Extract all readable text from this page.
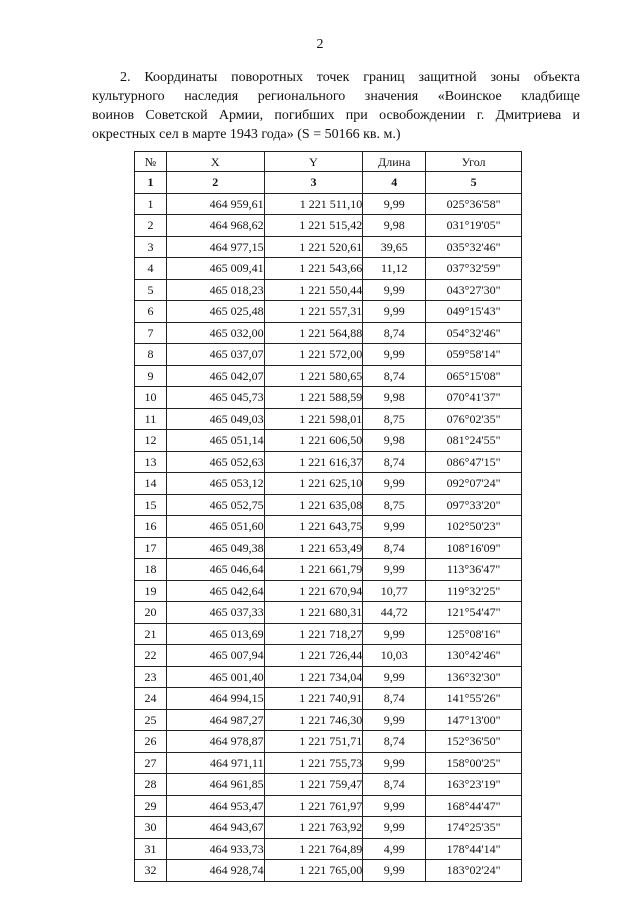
2
2. Координаты поворотных точек границ защитной зоны объекта
культурного наследия регионального значения «Воинское кладбище
воинов Советской Армии, погибших при освобождении г. Дмитриева и
окрестных сел в марте 1943 года» (S = 50166 кв. м.)
№	X	Y	Длина	Угол
1	2	3	4	5
1	464 959,61	1 221 511,10	9,99	025°36'58"
2	464 968,62	1 221 515,42	9,98	031°19'05"
3	464 977,15	1 221 520,61	39,65	035°32'46"
4	465 009,41	1 221 543,66	11,12	037°32'59"
5	465 018,23	1 221 550,44	9,99	043°27'30"
6	465 025,48	1 221 557,31	9,99	049°15'43"
7	465 032,00	1 221 564,88	8,74	054°32'46"
8	465 037,07	1 221 572,00	9,99	059°58'14"
9	465 042,07	1 221 580,65	8,74	065°15'08"
10	465 045,73	1 221 588,59	9,98	070°41'37"
11	465 049,03	1 221 598,01	8,75	076°02'35"
12	465 051,14	1 221 606,50	9,98	081°24'55"
13	465 052,63	1 221 616,37	8,74	086°47'15"
14	465 053,12	1 221 625,10	9,99	092°07'24"
15	465 052,75	1 221 635,08	8,75	097°33'20"
16	465 051,60	1 221 643,75	9,99	102°50'23"
17	465 049,38	1 221 653,49	8,74	108°16'09"
18	465 046,64	1 221 661,79	9,99	113°36'47"
19	465 042,64	1 221 670,94	10,77	119°32'25"
20	465 037,33	1 221 680,31	44,72	121°54'47"
21	465 013,69	1 221 718,27	9,99	125°08'16"
22	465 007,94	1 221 726,44	10,03	130°42'46"
23	465 001,40	1 221 734,04	9,99	136°32'30"
24	464 994,15	1 221 740,91	8,74	141°55'26"
25	464 987,27	1 221 746,30	9,99	147°13'00"
26	464 978,87	1 221 751,71	8,74	152°36'50"
27	464 971,11	1 221 755,73	9,99	158°00'25"
28	464 961,85	1 221 759,47	8,74	163°23'19"
29	464 953,47	1 221 761,97	9,99	168°44'47"
30	464 943,67	1 221 763,92	9,99	174°25'35"
31	464 933,73	1 221 764,89	4,99	178°44'14"
32	464 928,74	1 221 765,00	9,99	183°02'24"
